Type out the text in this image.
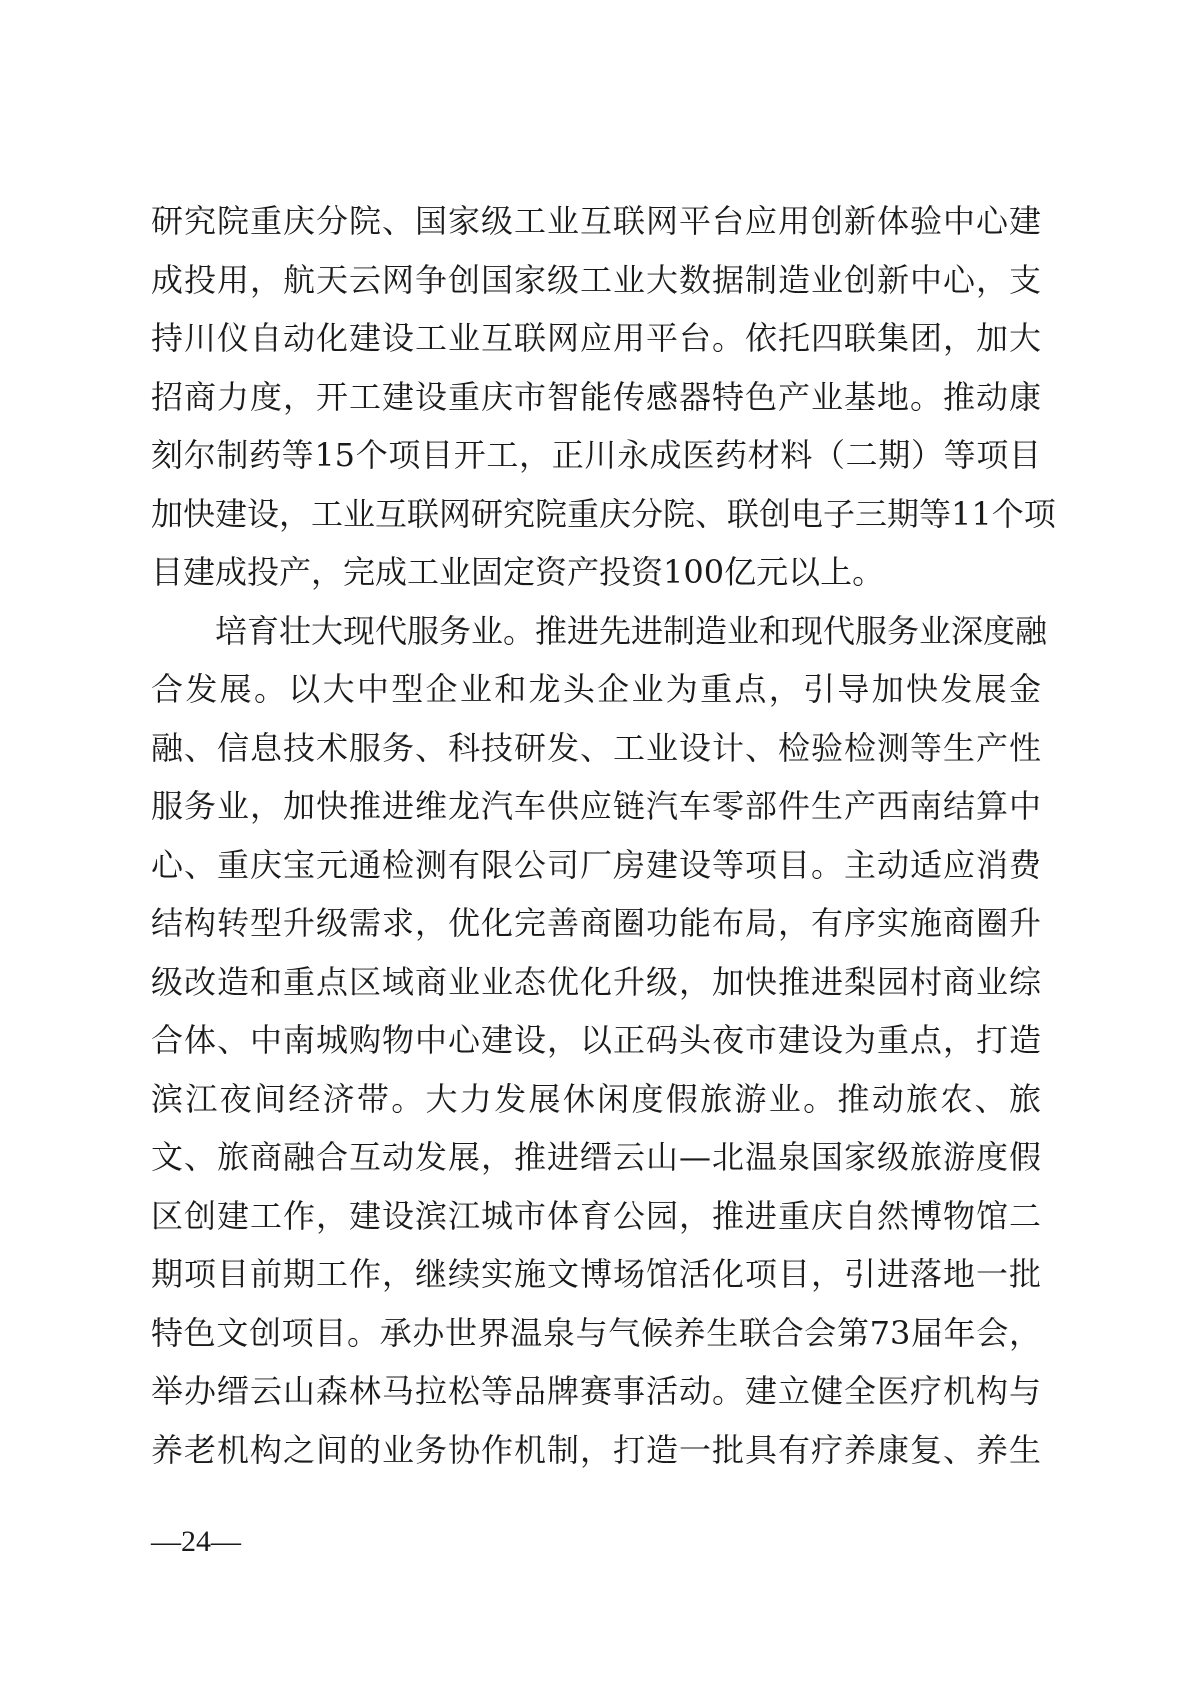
研究院重庆分院、国家级工业互联网平台应用创新体验中心建
成投用，航天云网争创国家级工业大数据制造业创新中心，支
持川仪自动化建设工业互联网应用平台。依托四联集团，加大
招商力度，开工建设重庆市智能传感器特色产业基地。推动康
刻尔制药等15个项目开工，正川永成医药材料（二期）等项目
加快建设，工业互联网研究院重庆分院、联创电子三期等11个项
目建成投产，完成工业固定资产投资100亿元以上。
培育壮大现代服务业。推进先进制造业和现代服务业深度融
合发展。以大中型企业和龙头企业为重点，引导加快发展金
融、信息技术服务、科技研发、工业设计、检验检测等生产性
服务业，加快推进维龙汽车供应链汽车零部件生产西南结算中
心、重庆宝元通检测有限公司厂房建设等项目。主动适应消费
结构转型升级需求，优化完善商圈功能布局，有序实施商圈升
级改造和重点区域商业业态优化升级，加快推进梨园村商业综
合体、中南城购物中心建设，以正码头夜市建设为重点，打造
滨江夜间经济带。大力发展休闲度假旅游业。推动旅农、旅
文、旅商融合互动发展，推进缙云山—北温泉国家级旅游度假
区创建工作，建设滨江城市体育公园，推进重庆自然博物馆二
期项目前期工作，继续实施文博场馆活化项目，引进落地一批
特色文创项目。承办世界温泉与气候养生联合会第73届年会，
举办缙云山森林马拉松等品牌赛事活动。建立健全医疗机构与
养老机构之间的业务协作机制，打造一批具有疗养康复、养生
—24—
